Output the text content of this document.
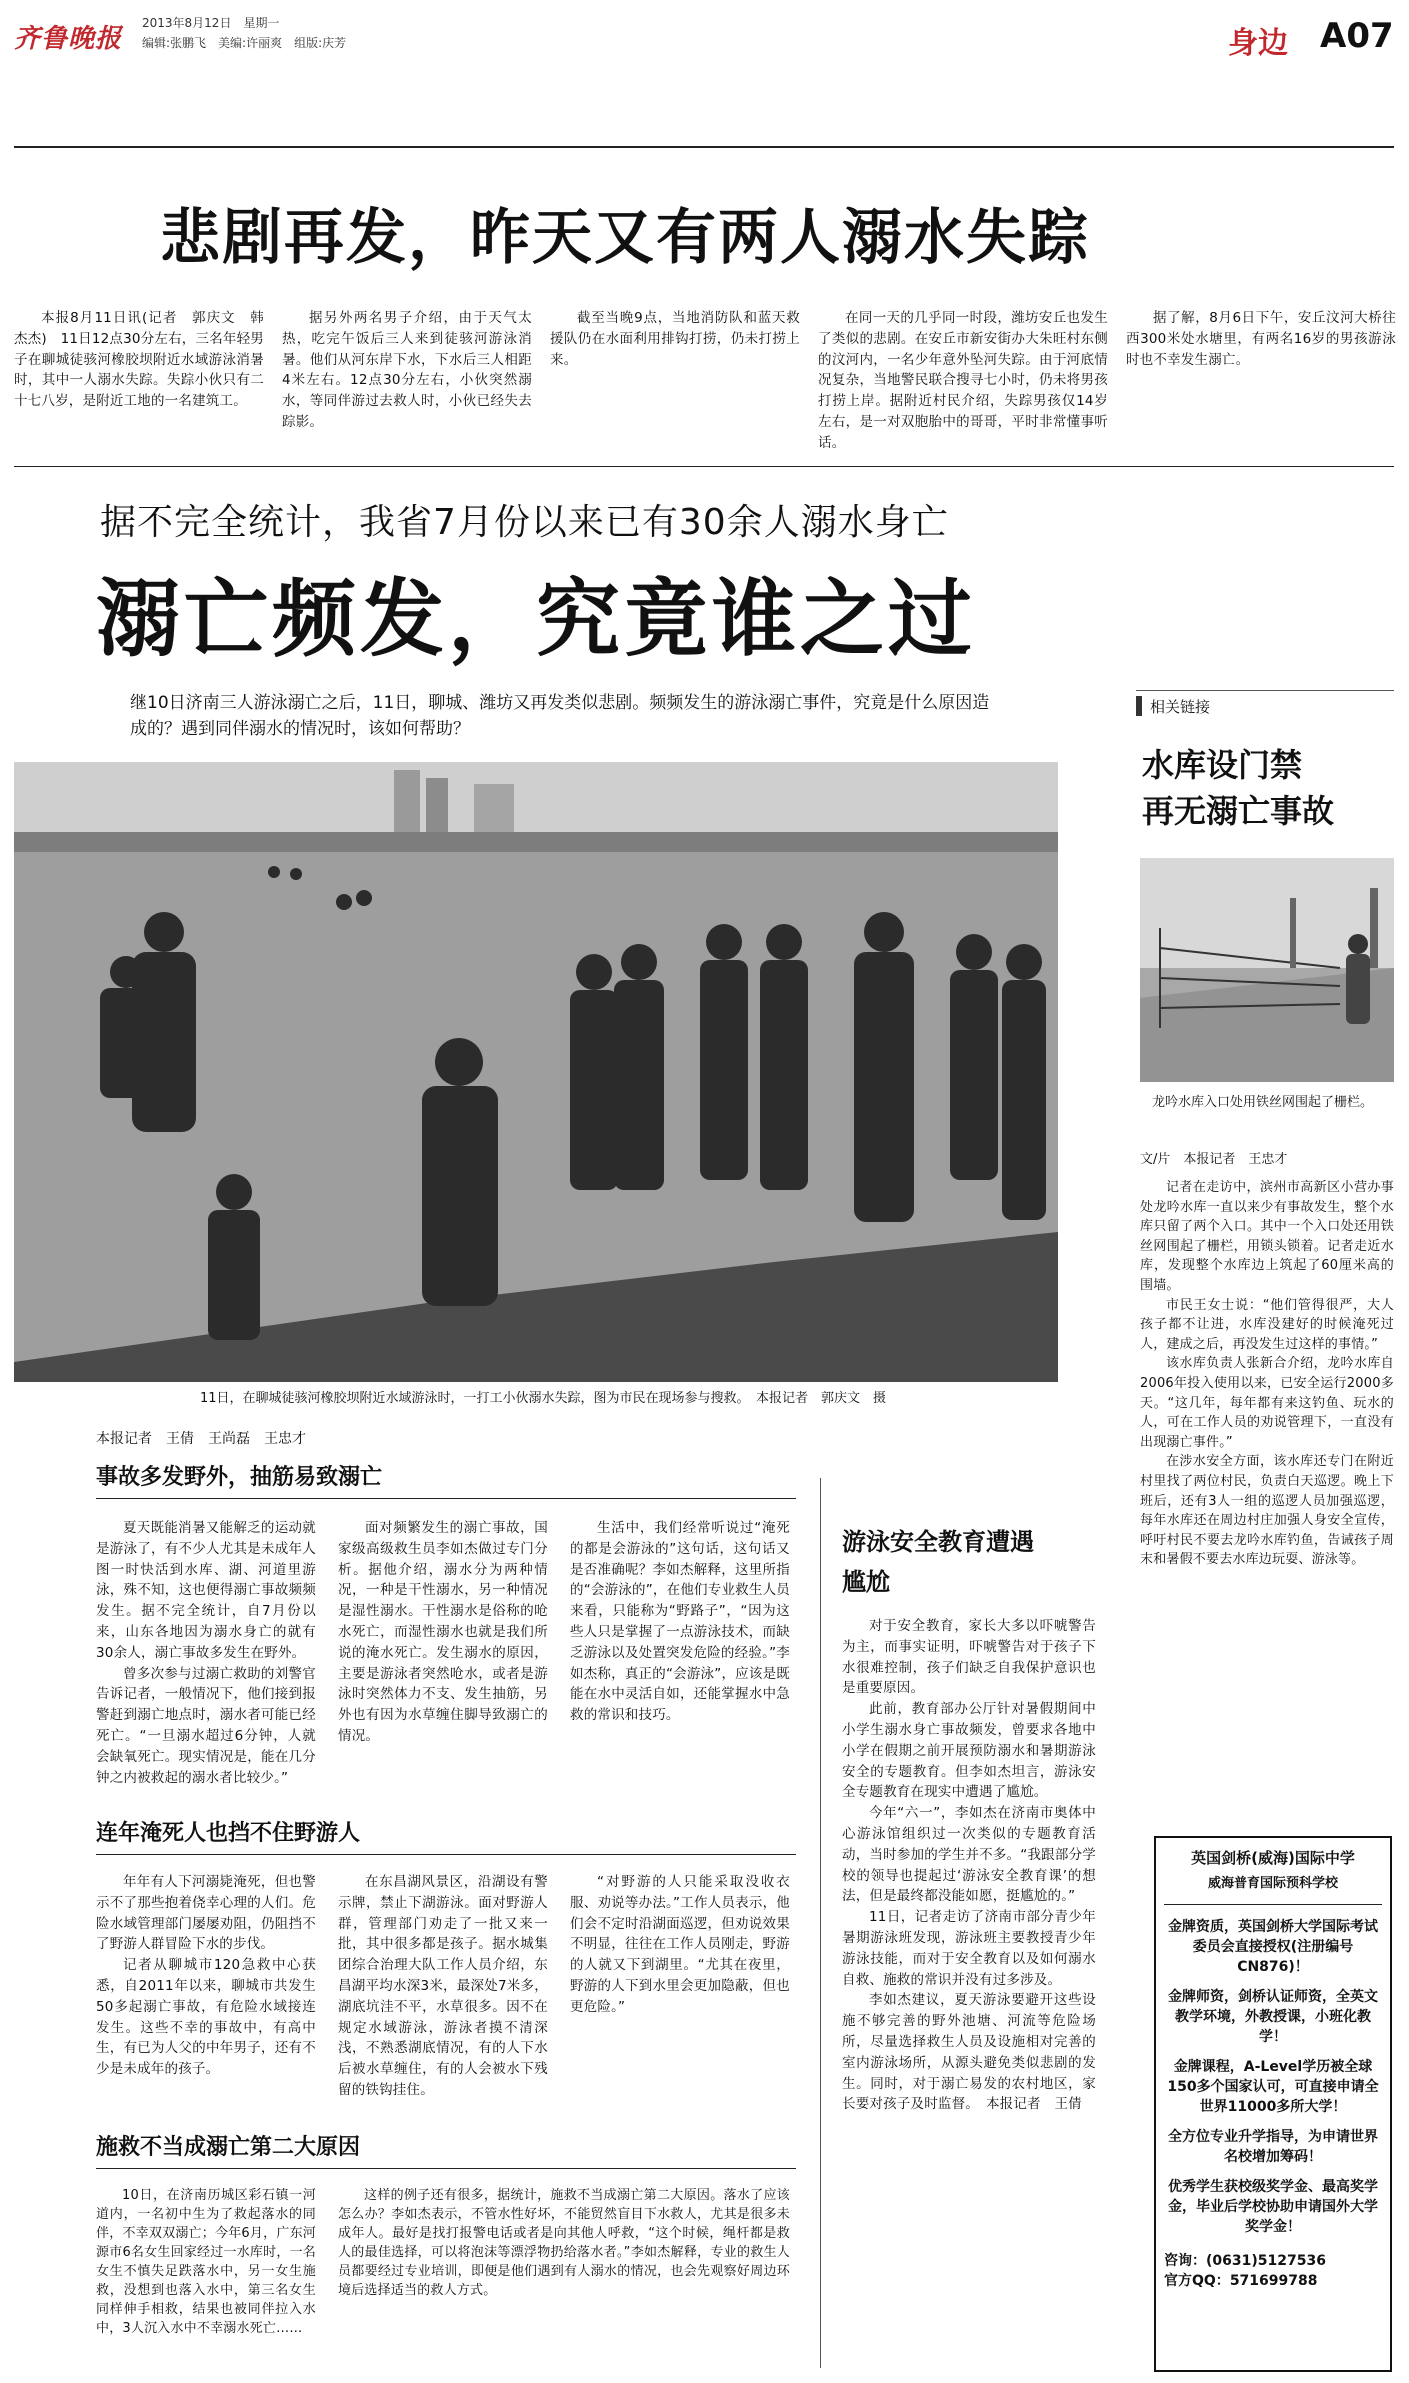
齐鲁晚报
2013年8月12日　星期一
编辑:张鹏飞　美编:许丽爽　组版:庆芳	身边 A07
悲剧再发，昨天又有两人溺水失踪

本报8月11日讯(记者　郭庆文　韩杰杰)　11日12点30分左右，三名年轻男子在聊城徒骇河橡胶坝附近水域游泳消暑时，其中一人溺水失踪。失踪小伙只有二十七八岁，是附近工地的一名建筑工。

据另外两名男子介绍，由于天气太热，吃完午饭后三人来到徒骇河游泳消暑。他们从河东岸下水，下水后三人相距4米左右。12点30分左右，小伙突然溺水，等同伴游过去救人时，小伙已经失去踪影。

截至当晚9点，当地消防队和蓝天救援队仍在水面利用排钩打捞，仍未打捞上来。

在同一天的几乎同一时段，潍坊安丘也发生了类似的悲剧。在安丘市新安街办大朱旺村东侧的汶河内，一名少年意外坠河失踪。由于河底情况复杂，当地警民联合搜寻七小时，仍未将男孩打捞上岸。据附近村民介绍，失踪男孩仅14岁左右，是一对双胞胎中的哥哥，平时非常懂事听话。

据了解，8月6日下午，安丘汶河大桥往西300米处水塘里，有两名16岁的男孩游泳时也不幸发生溺亡。

据不完全统计，我省7月份以来已有30余人溺水身亡
溺亡频发，究竟谁之过
继10日济南三人游泳溺亡之后，11日，聊城、潍坊又再发类似悲剧。频频发生的游泳溺亡事件，究竟是什么原因造成的？遇到同伴溺水的情况时，该如何帮助？
11日，在聊城徒骇河橡胶坝附近水域游泳时，一打工小伙溺水失踪，图为市民在现场参与搜救。　本报记者　郭庆文　摄
本报记者　王倩　王尚磊　王忠才
事故多发野外，抽筋易致溺亡

夏天既能消暑又能解乏的运动就是游泳了，有不少人尤其是未成年人图一时快活到水库、湖、河道里游泳，殊不知，这也便得溺亡事故频频发生。据不完全统计，自7月份以来，山东各地因为溺水身亡的就有30余人，溺亡事故多发生在野外。

曾多次参与过溺亡救助的刘警官告诉记者，一般情况下，他们接到报警赶到溺亡地点时，溺水者可能已经死亡。“一旦溺水超过6分钟，人就会缺氧死亡。现实情况是，能在几分钟之内被救起的溺水者比较少。”

面对频繁发生的溺亡事故，国家级高级救生员李如杰做过专门分析。据他介绍，溺水分为两种情况，一种是干性溺水，另一种情况是湿性溺水。干性溺水是俗称的呛水死亡，而湿性溺水也就是我们所说的淹水死亡。发生溺水的原因，主要是游泳者突然呛水，或者是游泳时突然体力不支、发生抽筋，另外也有因为水草缠住脚导致溺亡的情况。

生活中，我们经常听说过“淹死的都是会游泳的”这句话，这句话又是否准确呢？李如杰解释，这里所指的“会游泳的”，在他们专业救生人员来看，只能称为“野路子”，“因为这些人只是掌握了一点游泳技术，而缺乏游泳以及处置突发危险的经验。”李如杰称，真正的“会游泳”，应该是既能在水中灵活自如，还能掌握水中急救的常识和技巧。

连年淹死人也挡不住野游人

年年有人下河溺毙淹死，但也警示不了那些抱着侥幸心理的人们。危险水域管理部门屡屡劝阻，仍阻挡不了野游人群冒险下水的步伐。

记者从聊城市120急救中心获悉，自2011年以来，聊城市共发生50多起溺亡事故，有危险水域接连发生。这些不幸的事故中，有高中生，有已为人父的中年男子，还有不少是未成年的孩子。

在东昌湖风景区，沿湖设有警示牌，禁止下湖游泳。面对野游人群，管理部门劝走了一批又来一批，其中很多都是孩子。据水城集团综合治理大队工作人员介绍，东昌湖平均水深3米，最深处7米多，湖底坑洼不平，水草很多。因不在规定水域游泳，游泳者摸不清深浅，不熟悉湖底情况，有的人下水后被水草缠住，有的人会被水下残留的铁钩挂住。

“对野游的人只能采取没收衣服、劝说等办法。”工作人员表示，他们会不定时沿湖面巡逻，但劝说效果不明显，往往在工作人员刚走，野游的人就又下到湖里。“尤其在夜里，野游的人下到水里会更加隐蔽，但也更危险。”

施救不当成溺亡第二大原因

10日，在济南历城区彩石镇一河道内，一名初中生为了救起落水的同伴，不幸双双溺亡；今年6月，广东河源市6名女生回家经过一水库时，一名女生不慎失足跌落水中，另一女生施救，没想到也落入水中，第三名女生同样伸手相救，结果也被同伴拉入水中，3人沉入水中不幸溺水死亡……

这样的例子还有很多，据统计，施救不当成溺亡第二大原因。落水了应该怎么办？李如杰表示，不管水性好坏，不能贸然盲目下水救人，尤其是很多未成年人。最好是找打报警电话或者是向其他人呼救，“这个时候，绳杆都是救人的最佳选择，可以将泡沫等漂浮物扔给落水者。”李如杰解释，专业的救生人员都要经过专业培训，即便是他们遇到有人溺水的情况，也会先观察好周边环境后选择适当的救人方式。

游泳安全教育遭遇尴尬

对于安全教育，家长大多以吓唬警告为主，而事实证明，吓唬警告对于孩子下水很难控制，孩子们缺乏自我保护意识也是重要原因。

此前，教育部办公厅针对暑假期间中小学生溺水身亡事故频发，曾要求各地中小学在假期之前开展预防溺水和暑期游泳安全的专题教育。但李如杰坦言，游泳安全专题教育在现实中遭遇了尴尬。

今年“六一”，李如杰在济南市奥体中心游泳馆组织过一次类似的专题教育活动，当时参加的学生并不多。“我跟部分学校的领导也提起过‘游泳安全教育课’的想法，但是最终都没能如愿，挺尴尬的。”

11日，记者走访了济南市部分青少年暑期游泳班发现，游泳班主要教授青少年游泳技能，而对于安全教育以及如何溺水自救、施救的常识并没有过多涉及。

李如杰建议，夏天游泳要避开这些设施不够完善的野外池塘、河流等危险场所，尽量选择救生人员及设施相对完善的室内游泳场所，从源头避免类似悲剧的发生。同时，对于溺亡易发的农村地区，家长要对孩子及时监督。　本报记者　王倩

相关链接
水库设门禁
再无溺亡事故
龙吟水库入口处用铁丝网围起了栅栏。
文/片　本报记者　王忠才

记者在走访中，滨州市高新区小营办事处龙吟水库一直以来少有事故发生，整个水库只留了两个入口。其中一个入口处还用铁丝网围起了栅栏，用锁头锁着。记者走近水库，发现整个水库边上筑起了60厘米高的围墙。

市民王女士说：“他们管得很严，大人孩子都不让进，水库没建好的时候淹死过人，建成之后，再没发生过这样的事情。”

该水库负责人张新合介绍，龙吟水库自2006年投入使用以来，已安全运行2000多天。“这几年，每年都有来这钓鱼、玩水的人，可在工作人员的劝说管理下，一直没有出现溺亡事件。”

在涉水安全方面，该水库还专门在附近村里找了两位村民，负责白天巡逻。晚上下班后，还有3人一组的巡逻人员加强巡逻，每年水库还在周边村庄加强人身安全宣传，呼吁村民不要去龙吟水库钓鱼，告诫孩子周末和暑假不要去水库边玩耍、游泳等。

英国剑桥(威海)国际中学
威海普育国际预科学校
金牌资质，英国剑桥大学国际考试委员会直接授权(注册编号CN876)！
金牌师资，剑桥认证师资，全英文教学环境，外教授课，小班化教学！
金牌课程，A-Level学历被全球150多个国家认可，可直接申请全世界11000多所大学！
全方位专业升学指导，为申请世界名校增加筹码！
优秀学生获校级奖学金、最高奖学金，毕业后学校协助申请国外大学奖学金！
咨询：(0631)5127536
官方QQ：571699788
